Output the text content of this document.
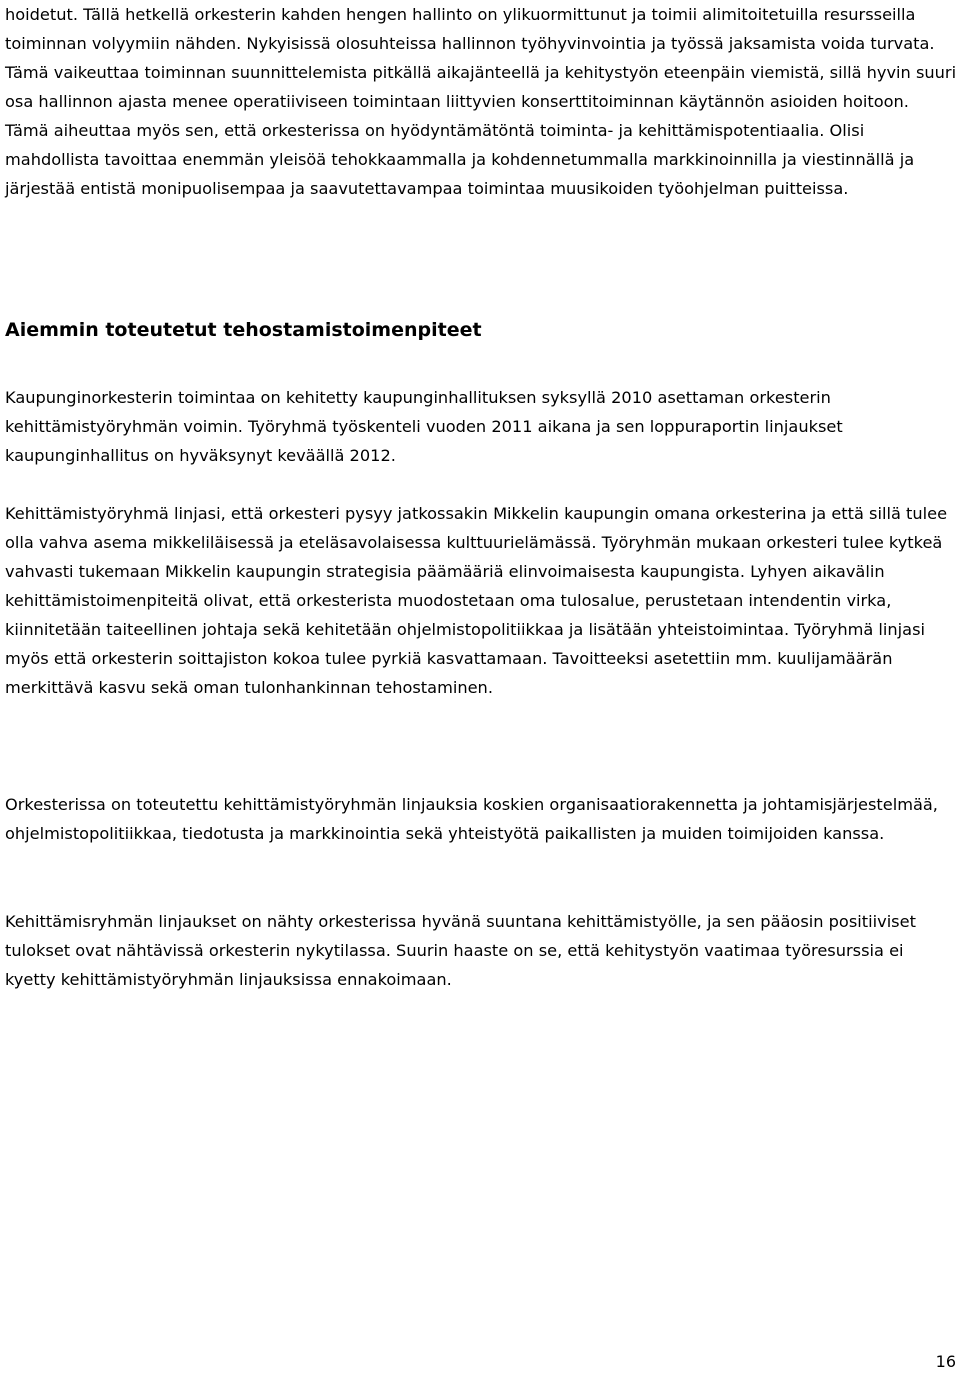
hoidetut. Tällä hetkellä orkesterin kahden hengen hallinto on ylikuormittunut ja toimii alimitoitetuilla resursseilla toiminnan volyymiin nähden. Nykyisissä olosuhteissa hallinnon työhyvinvointia ja työssä jaksamista voida turvata. Tämä vaikeuttaa toiminnan suunnittelemista pitkällä aikajänteellä ja kehitystyön eteenpäin viemistä, sillä hyvin suuri osa hallinnon ajasta menee operatiiviseen toimintaan liittyvien konserttitoiminnan käytännön asioiden hoitoon. Tämä aiheuttaa myös sen, että orkesterissa on hyödyntämätöntä toiminta- ja kehittämispotentiaalia. Olisi mahdollista tavoittaa enemmän yleisöä tehokkaammalla ja kohdennetummalla markkinoinnilla ja viestinnällä ja järjestää entistä monipuolisempaa ja saavutettavampaa toimintaa muusikoiden työohjelman puitteissa.

Aiemmin toteutetut tehostamistoimenpiteet

Kaupunginorkesterin toimintaa on kehitetty kaupunginhallituksen syksyllä 2010 asettaman orkesterin kehittämistyöryhmän voimin. Työryhmä työskenteli vuoden 2011 aikana ja sen loppuraportin linjaukset kaupunginhallitus on hyväksynyt keväällä 2012.

Kehittämistyöryhmä linjasi, että orkesteri pysyy jatkossakin Mikkelin kaupungin omana orkesterina ja että sillä tulee olla vahva asema mikkeliläisessä ja eteläsavolaisessa kulttuurielämässä. Työryhmän mukaan orkesteri tulee kytkeä vahvasti tukemaan Mikkelin kaupungin strategisia päämääriä elinvoimaisesta kaupungista. Lyhyen aikavälin kehittämistoimenpiteitä olivat, että orkesterista muodostetaan oma tulosalue, perustetaan intendentin virka, kiinnitetään taiteellinen johtaja sekä kehitetään ohjelmistopolitiikkaa ja lisätään yhteistoimintaa. Työryhmä linjasi myös että orkesterin soittajiston kokoa tulee pyrkiä kasvattamaan. Tavoitteeksi asetettiin mm. kuulijamäärän merkittävä kasvu sekä oman tulonhankinnan tehostaminen.

Orkesterissa on toteutettu kehittämistyöryhmän linjauksia koskien organisaatiorakennetta ja johtamisjärjestelmää, ohjelmistopolitiikkaa, tiedotusta ja markkinointia sekä yhteistyötä paikallisten ja muiden toimijoiden kanssa.

Kehittämisryhmän linjaukset on nähty orkesterissa hyvänä suuntana kehittämistyölle, ja sen pääosin positiiviset tulokset ovat nähtävissä orkesterin nykytilassa. Suurin haaste on se, että kehitystyön vaatimaa työresurssia ei kyetty kehittämistyöryhmän linjauksissa ennakoimaan.

16
